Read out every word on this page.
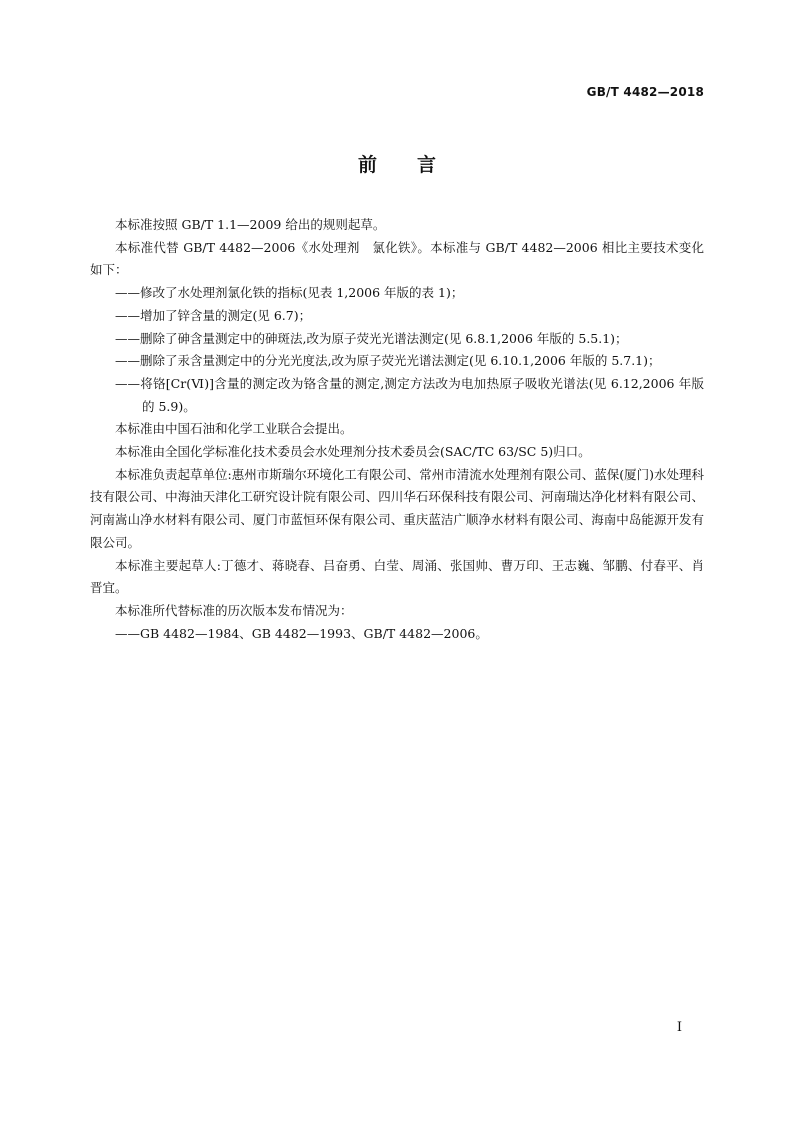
GB/T 4482—2018
前 言

本标准按照 GB/T 1.1—2009 给出的规则起草。

本标准代替 GB/T 4482—2006《水处理剂　氯化铁》。本标准与 GB/T 4482—2006 相比主要技术变化如下：

——修改了水处理剂氯化铁的指标(见表 1,2006 年版的表 1)；

——增加了锌含量的测定(见 6.7)；

——删除了砷含量测定中的砷斑法,改为原子荧光光谱法测定(见 6.8.1,2006 年版的 5.5.1)；

——删除了汞含量测定中的分光光度法,改为原子荧光光谱法测定(见 6.10.1,2006 年版的 5.7.1)；

——将铬[Cr(Ⅵ)]含量的测定改为铬含量的测定,测定方法改为电加热原子吸收光谱法(见 6.12,2006 年版的 5.9)。

本标准由中国石油和化学工业联合会提出。

本标准由全国化学标准化技术委员会水处理剂分技术委员会(SAC/TC 63/SC 5)归口。

本标准负责起草单位:惠州市斯瑞尔环境化工有限公司、常州市清流水处理剂有限公司、蓝保(厦门)水处理科技有限公司、中海油天津化工研究设计院有限公司、四川华石环保科技有限公司、河南瑞达净化材料有限公司、河南嵩山净水材料有限公司、厦门市蓝恒环保有限公司、重庆蓝洁广顺净水材料有限公司、海南中岛能源开发有限公司。

本标准主要起草人:丁德才、蒋晓春、吕奋勇、白莹、周涌、张国帅、曹万印、王志巍、邹鹏、付春平、肖晋宜。

本标准所代替标准的历次版本发布情况为：

——GB 4482—1984、GB 4482—1993、GB/T 4482—2006。

I
